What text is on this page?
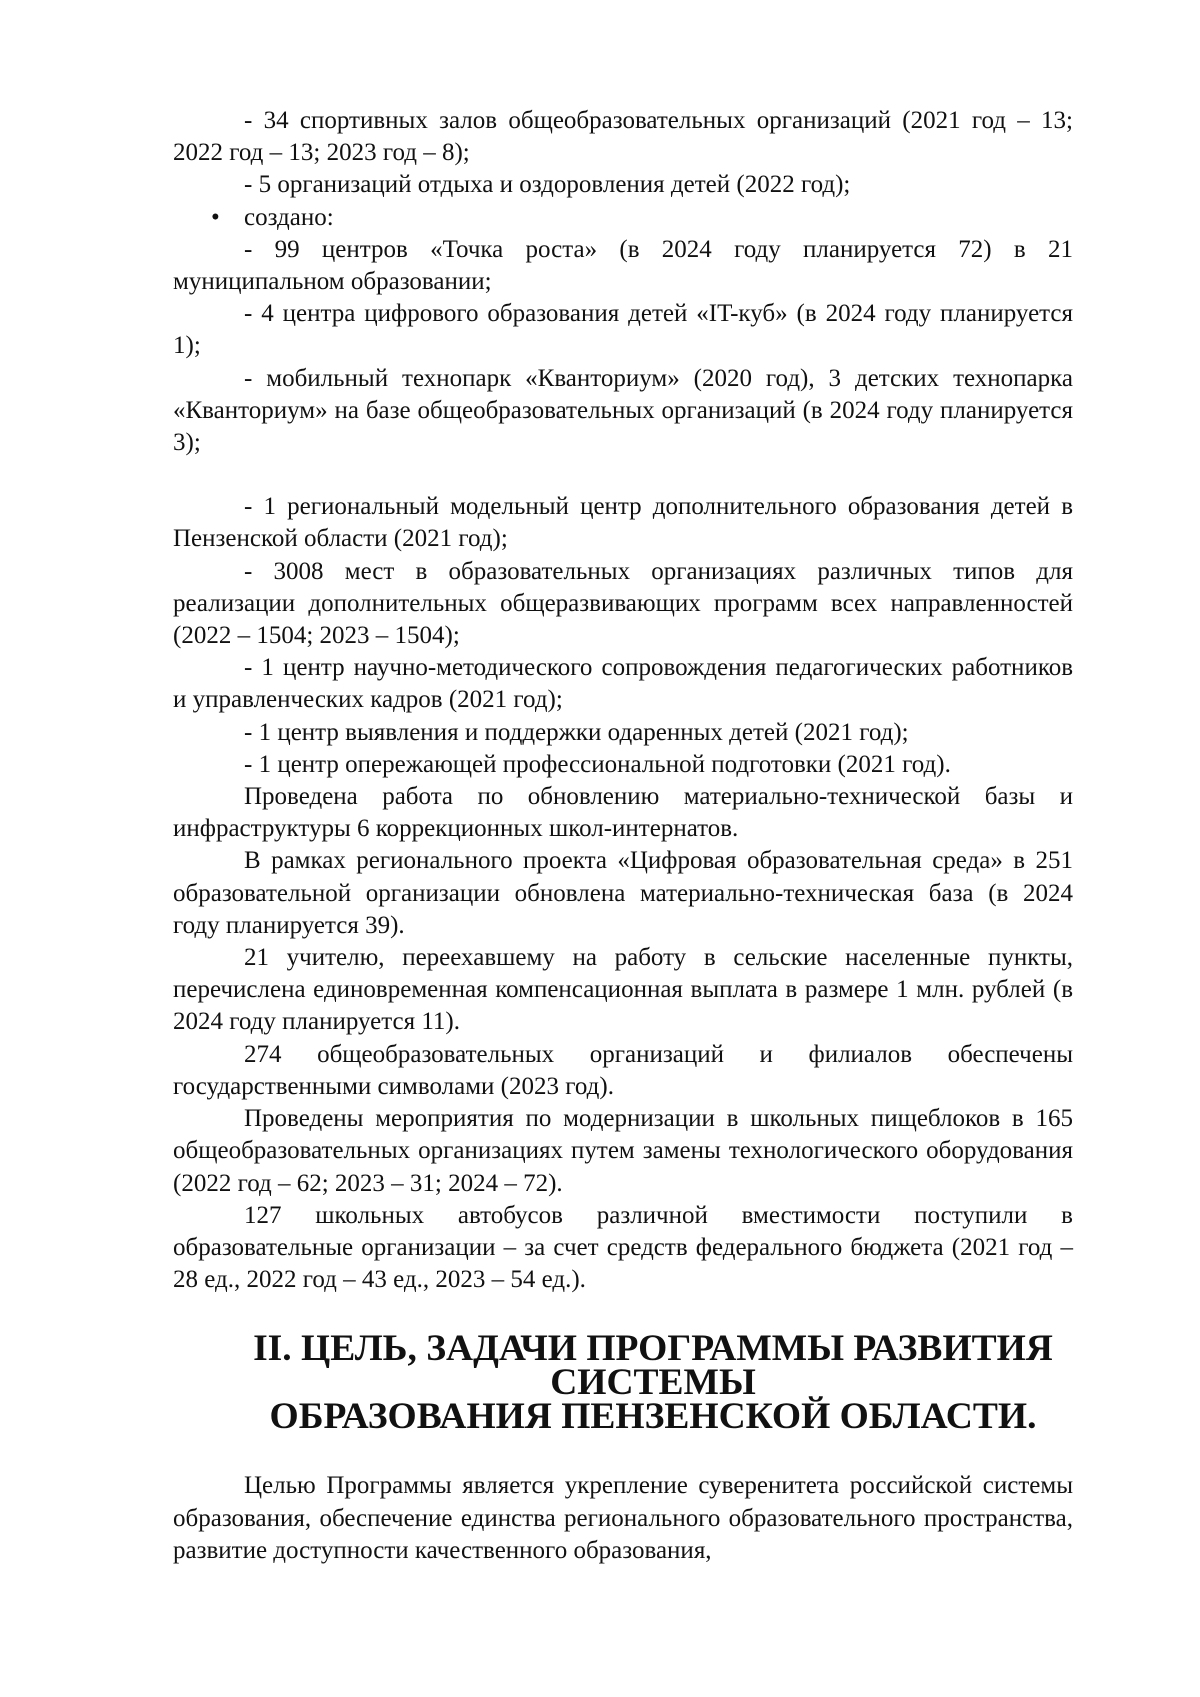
- 34 спортивных залов общеобразовательных организаций (2021 год – 13; 2022 год – 13; 2023 год – 8);

- 5 организаций отдыха и оздоровления детей (2022 год);

• создано:

- 99 центров «Точка роста» (в 2024 году планируется 72) в 21 муниципальном образовании;

- 4 центра цифрового образования детей «IT-куб» (в 2024 году планируется 1);

- мобильный технопарк «Кванториум» (2020 год), 3 детских технопарка «Кванториум» на базе общеобразовательных организаций (в 2024 году планируется 3);

- 1 региональный модельный центр дополнительного образования детей в Пензенской области (2021 год);

- 3008 мест в образовательных организациях различных типов для реализации дополнительных общеразвивающих программ всех направленностей (2022 – 1504; 2023 – 1504);

- 1 центр научно-методического сопровождения педагогических работников и управленческих кадров (2021 год);

- 1 центр выявления и поддержки одаренных детей (2021 год);

- 1 центр опережающей профессиональной подготовки (2021 год).

Проведена работа по обновлению материально-технической базы и инфраструктуры 6 коррекционных школ-интернатов.

В рамках регионального проекта «Цифровая образовательная среда» в 251 образовательной организации обновлена материально-техническая база (в 2024 году планируется 39).

21 учителю, переехавшему на работу в сельские населенные пункты, перечислена единовременная компенсационная выплата в размере 1 млн. рублей (в 2024 году планируется 11).

274 общеобразовательных организаций и филиалов обеспечены государственными символами (2023 год).

Проведены мероприятия по модернизации в школьных пищеблоков в 165 общеобразовательных организациях путем замены технологического оборудования (2022 год – 62; 2023 – 31; 2024 – 72).

127 школьных автобусов различной вместимости поступили в образовательные организации – за счет средств федерального бюджета (2021 год – 28 ед., 2022 год – 43 ед., 2023 – 54 ед.).

II. ЦЕЛЬ, ЗАДАЧИ ПРОГРАММЫ РАЗВИТИЯ СИСТЕМЫ
ОБРАЗОВАНИЯ ПЕНЗЕНСКОЙ ОБЛАСТИ.

Целью Программы является укрепление суверенитета российской системы образования, обеспечение единства регионального образовательного пространства, развитие доступности качественного образования,
